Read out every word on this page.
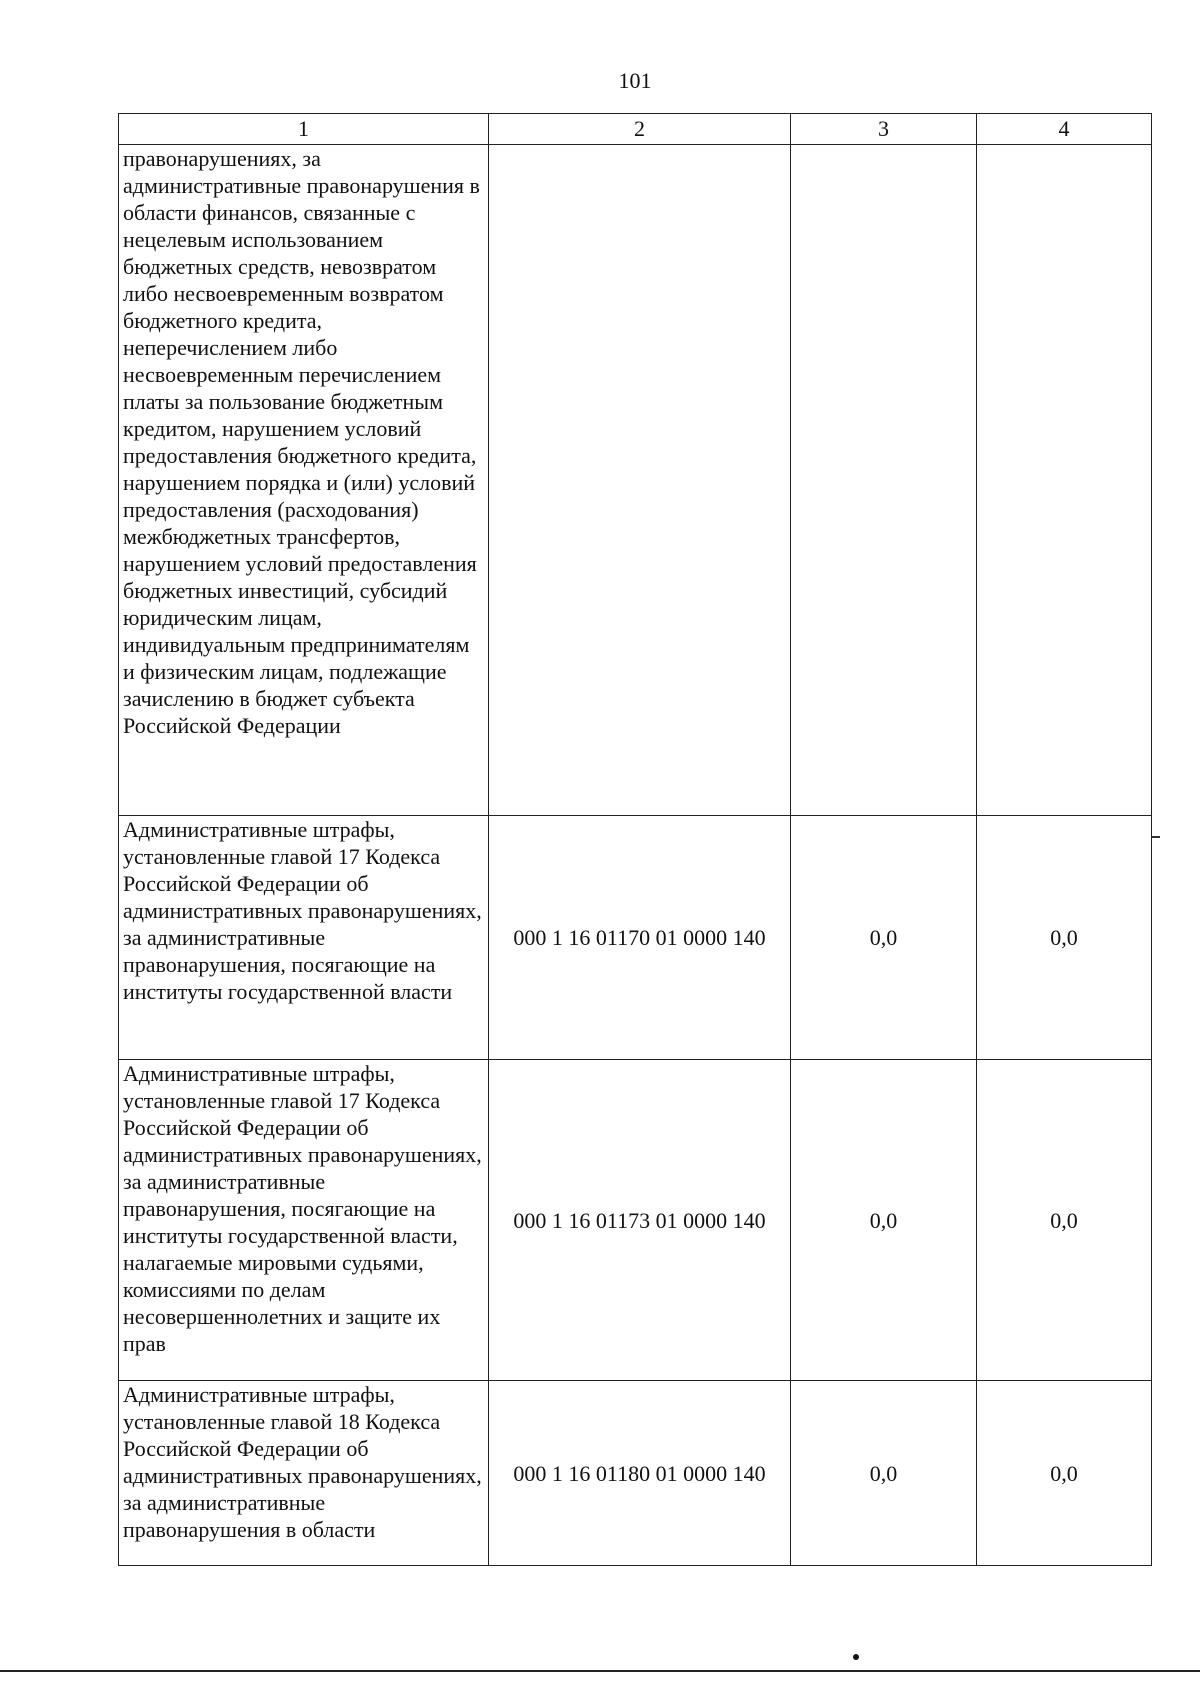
101
1	2	3	4
правонарушениях, за административные правонарушения в области финансов, связанные с нецелевым использованием бюджетных средств, невозвратом либо несвоевременным возвратом бюджетного кредита, неперечислением либо несвоевременным перечислением платы за пользование бюджетным кредитом, нарушением условий предоставления бюджетного кредита, нарушением порядка и (или) условий предоставления (расходования) межбюджетных трансфертов, нарушением условий предоставления бюджетных инвестиций, субсидий юридическим лицам, индивидуальным предпринимателям и физическим лицам, подлежащие зачислению в бюджет субъекта Российской Федерации			
Административные штрафы, установленные главой 17 Кодекса Российской Федерации об административных правонарушениях, за административные правонарушения, посягающие на институты государственной власти	000 1 16 01170 01 0000 140	0,0	0,0
Административные штрафы, установленные главой 17 Кодекса Российской Федерации об административных правонарушениях, за административные правонарушения, посягающие на институты государственной власти, налагаемые мировыми судьями, комиссиями по делам несовершеннолетних и защите их прав	000 1 16 01173 01 0000 140	0,0	0,0
Административные штрафы, установленные главой 18 Кодекса Российской Федерации об административных правонарушениях, за административные правонарушения в области	000 1 16 01180 01 0000 140	0,0	0,0
